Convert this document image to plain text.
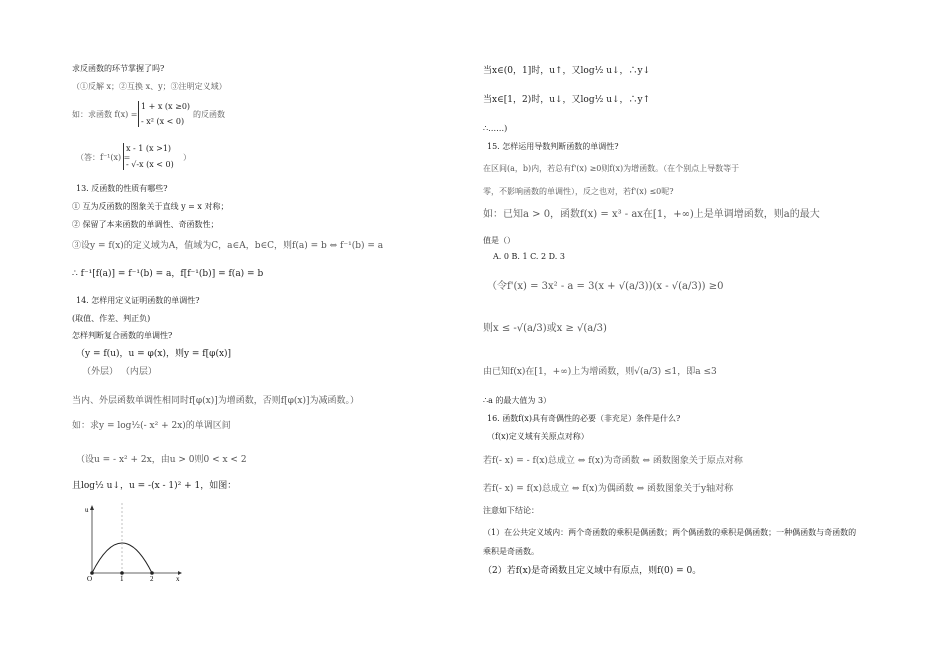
求反函数的环节掌握了吗?
（①反解 x；②互换 x、y；③注明定义域）
如：求函数 f(x) =
1 + x (x ≥0)
- x² (x < 0)
的反函数
（答：f⁻¹(x) =
x - 1 (x >1)
- √-x (x < 0)
）
13. 反函数的性质有哪些?
① 互为反函数的图象关于直线 y = x 对称；
② 保留了本来函数的单调性、奇函数性；
③设y = f(x)的定义域为A，值域为C，a∈A，b∈C，则f(a) = b ⇔ f⁻¹(b) = a
∴ f⁻¹[f(a)] = f⁻¹(b) = a，f[f⁻¹(b)] = f(a) = b
14. 怎样用定义证明函数的单调性?
(取值、作差、判正负)
怎样判断复合函数的单调性?
（y = f(u)，u = φ(x)，则y = f[φ(x)]
（外层） （内层）
当内、外层函数单调性相同时f[φ(x)]为增函数，否则f[φ(x)]为减函数。）
如：求y = log½(- x² + 2x)的单调区间
（设u = - x² + 2x，由u > 0则0 < x < 2
且log½ u↓，u = -(x - 1)² + 1，如图：
u
x
O	1	2
当x∈(0，1]时，u↑，又log½ u↓，∴y↓
当x∈[1，2)时，u↓，又log½ u↓，∴y↑
∴……)
15. 怎样运用导数判断函数的单调性?
在区间(a，b)内，若总有f'(x) ≥0则f(x)为增函数。（在个别点上导数等于
零，不影响函数的单调性），反之也对，若f'(x) ≤0呢?
如：已知a > 0，函数f(x) = x³ - ax在[1，+∞)上是单调增函数，则a的最大
值是（）
A. 0 B. 1 C. 2 D. 3
（令f'(x) = 3x² - a = 3(x + √(a/3))(x - √(a/3)) ≥0
则x ≤ -√(a/3)或x ≥ √(a/3)
由已知f(x)在[1，+∞)上为增函数，则√(a/3) ≤1，即a ≤3
∴a 的最大值为 3）
16. 函数f(x)具有奇偶性的必要（非充足）条件是什么?
（f(x)定义域有关原点对称）
若f(- x) = - f(x)总成立 ⇔ f(x)为奇函数 ⇔ 函数图象关于原点对称
若f(- x) = f(x)总成立 ⇔ f(x)为偶函数 ⇔ 函数图象关于y轴对称
注意如下结论：
（1）在公共定义域内：两个奇函数的乘积是偶函数；两个偶函数的乘积是偶函数；一种偶函数与奇函数的
乘积是奇函数。
（2）若f(x)是奇函数且定义域中有原点，则f(0) = 0。
